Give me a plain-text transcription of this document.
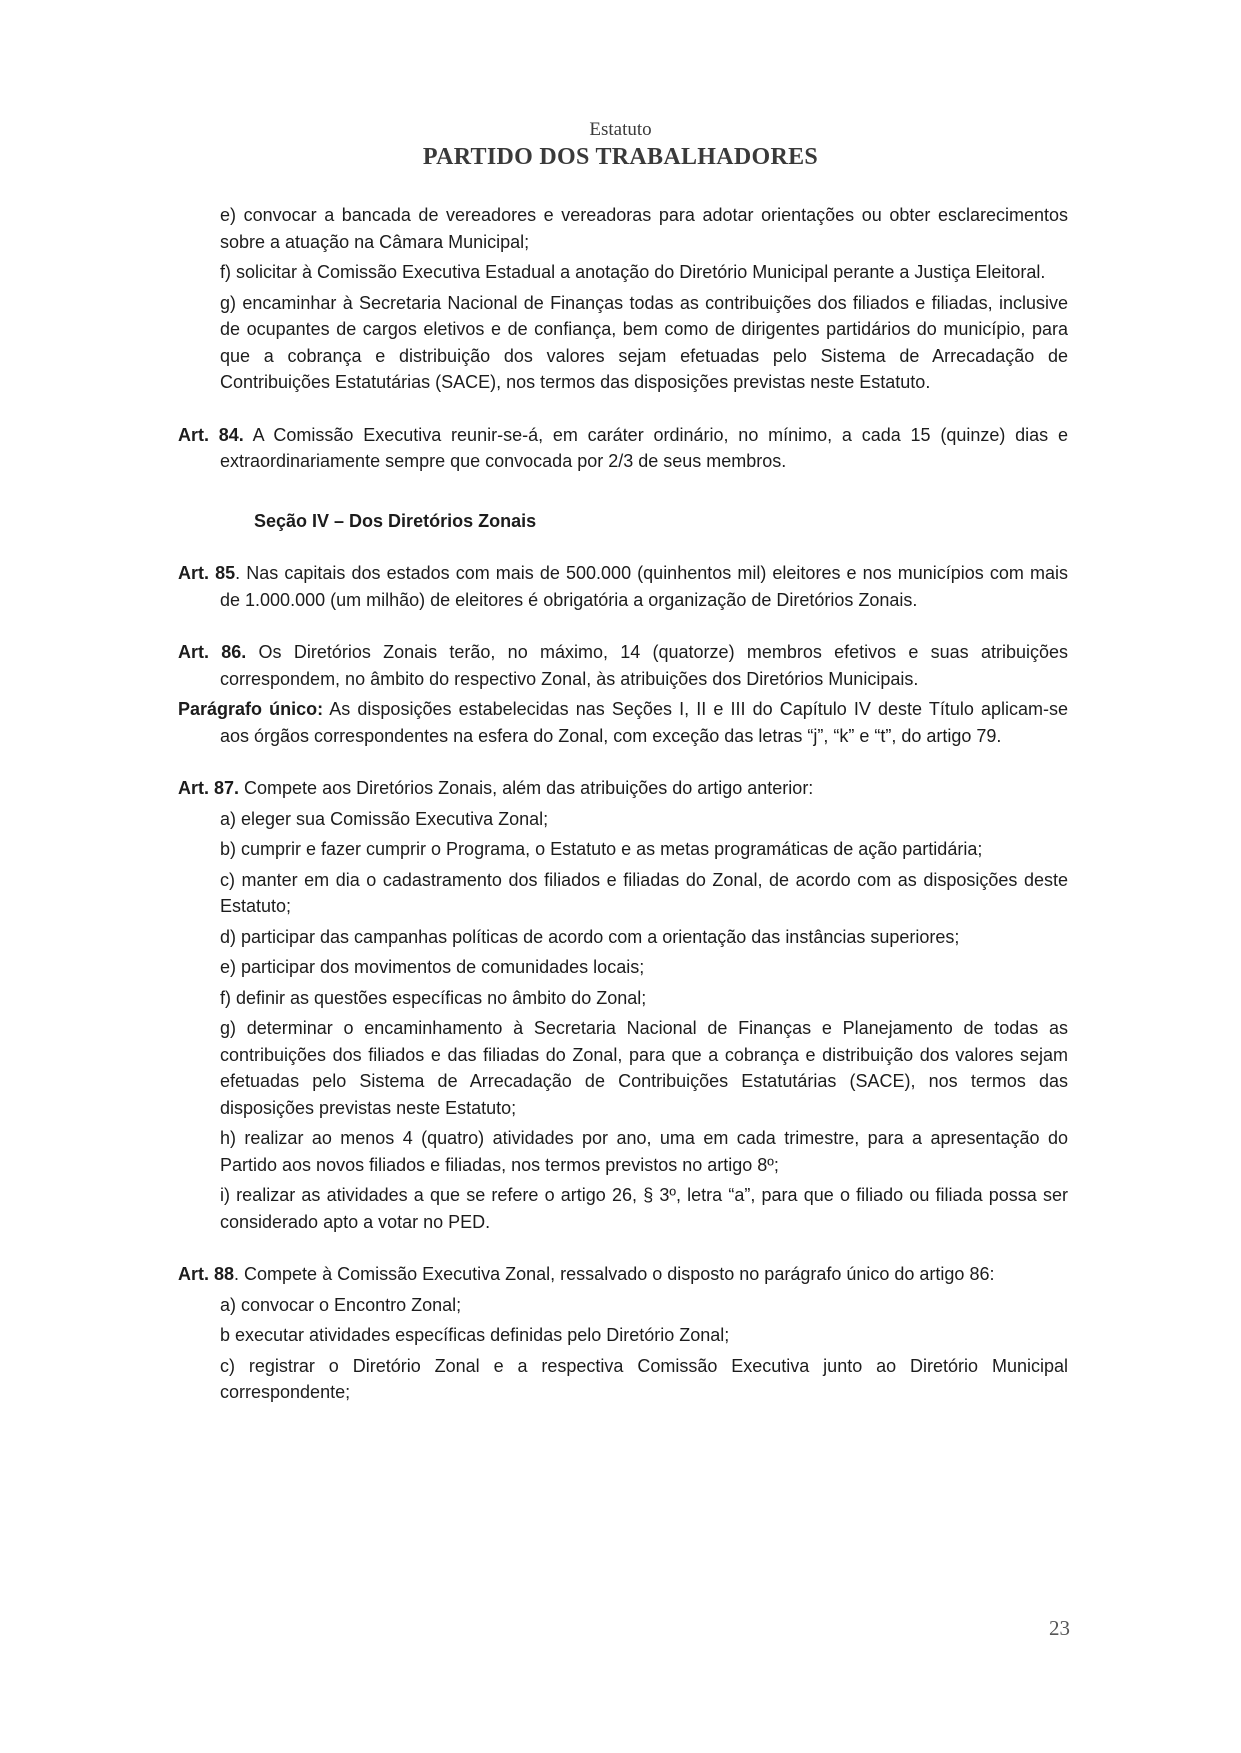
Estatuto
PARTIDO DOS TRABALHADORES

e) convocar a bancada de vereadores e vereadoras para adotar orientações ou obter esclarecimentos sobre a atuação na Câmara Municipal;

f) solicitar à Comissão Executiva Estadual a anotação do Diretório Municipal perante a Justiça Eleitoral.

g) encaminhar à Secretaria Nacional de Finanças todas as contribuições dos filiados e filiadas, inclusive de ocupantes de cargos eletivos e de confiança, bem como de dirigentes partidários do município, para que a cobrança e distribuição dos valores sejam efetuadas pelo Sistema de Arrecadação de Contribuições Estatutárias (SACE), nos termos das disposições previstas neste Estatuto.

Art. 84. A Comissão Executiva reunir-se-á, em caráter ordinário, no mínimo, a cada 15 (quinze) dias e extraordinariamente sempre que convocada por 2/3 de seus membros.

Seção IV – Dos Diretórios Zonais

Art. 85. Nas capitais dos estados com mais de 500.000 (quinhentos mil) eleitores e nos municípios com mais de 1.000.000 (um milhão) de eleitores é obrigatória a organização de Diretórios Zonais.

Art. 86. Os Diretórios Zonais terão, no máximo, 14 (quatorze) membros efetivos e suas atribuições correspondem, no âmbito do respectivo Zonal, às atribuições dos Diretórios Municipais.

Parágrafo único: As disposições estabelecidas nas Seções I, II e III do Capítulo IV deste Título aplicam-se aos órgãos correspondentes na esfera do Zonal, com exceção das letras “j”, “k” e “t”, do artigo 79.

Art. 87. Compete aos Diretórios Zonais, além das atribuições do artigo anterior:

a) eleger sua Comissão Executiva Zonal;

b) cumprir e fazer cumprir o Programa, o Estatuto e as metas programáticas de ação partidária;

c) manter em dia o cadastramento dos filiados e filiadas do Zonal, de acordo com as disposições deste Estatuto;

d) participar das campanhas políticas de acordo com a orientação das instâncias superiores;

e) participar dos movimentos de comunidades locais;

f) definir as questões específicas no âmbito do Zonal;

g) determinar o encaminhamento à Secretaria Nacional de Finanças e Planejamento de todas as contribuições dos filiados e das filiadas do Zonal, para que a cobrança e distribuição dos valores sejam efetuadas pelo Sistema de Arrecadação de Contribuições Estatutárias (SACE), nos termos das disposições previstas neste Estatuto;

h) realizar ao menos 4 (quatro) atividades por ano, uma em cada trimestre, para a apresentação do Partido aos novos filiados e filiadas, nos termos previstos no artigo 8º;

i) realizar as atividades a que se refere o artigo 26, § 3º, letra “a”, para que o filiado ou filiada possa ser considerado apto a votar no PED.

Art. 88. Compete à Comissão Executiva Zonal, ressalvado o disposto no parágrafo único do artigo 86:

a) convocar o Encontro Zonal;

b executar atividades específicas definidas pelo Diretório Zonal;

c) registrar o Diretório Zonal e a respectiva Comissão Executiva junto ao Diretório Municipal correspondente;

23
